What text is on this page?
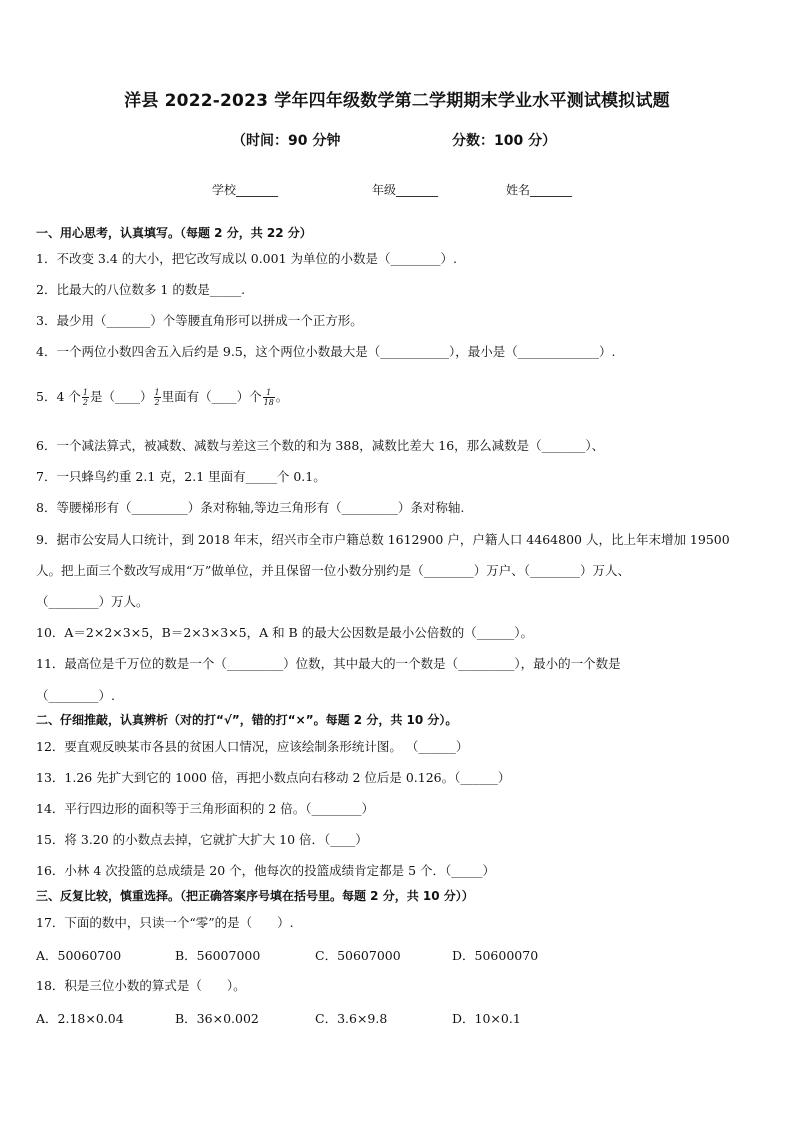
洋县 2022-2023 学年四年级数学第二学期期末学业水平测试模拟试题
（时间：90 分钟	分数：100 分）
学校_______	年级_______	姓名_______
一、用心思考，认真填写。（每题 2 分，共 22 分）
1．不改变 3.4 的大小，把它改写成以 0.001 为单位的小数是（________）.
2．比最大的八位数多 1 的数是_____.
3．最少用（_______）个等腰直角形可以拼成一个正方形。
4．一个两位小数四舍五入后约是 9.5，这个两位小数最大是（___________），最小是（_____________）.
5．4 个 $\frac{1}{2}$ 是（____） $\frac{1}{2}$ 里面有（____）个 $\frac{1}{18}$ 。
6．一个减法算式，被减数、减数与差这三个数的和为 388，减数比差大 16，那么减数是（_______）、
7．一只蜂鸟约重 2.1 克，2.1 里面有_____个 0.1。
8．等腰梯形有（_________）条对称轴,等边三角形有（_________）条对称轴.
9．据市公安局人口统计，到 2018 年末，绍兴市全市户籍总数 1612900 户，户籍人口 4464800 人，比上年末增加 19500
人。把上面三个数改写成用“万”做单位，并且保留一位小数分别约是（________）万户、（________）万人、
（________）万人。
10．A＝2×2×3×5，B＝2×3×3×5，A 和 B 的最大公因数是最小公倍数的（______）。
11．最高位是千万位的数是一个（_________）位数，其中最大的一个数是（_________），最小的一个数是
（________）.
二、仔细推敲，认真辨析（对的打“√”，错的打“×”。每题 2 分，共 10 分）。
12．要直观反映某市各县的贫困人口情况，应该绘制条形统计图。 （______）
13．1.26 先扩大到它的 1000 倍，再把小数点向右移动 2 位后是 0.126。（______）
14．平行四边形的面积等于三角形面积的 2 倍。（________）
15．将 3.20 的小数点去掉，它就扩大扩大 10 倍．（____）
16．小林 4 次投篮的总成绩是 20 个，他每次的投篮成绩肯定都是 5 个．（_____）
三、反复比较，慎重选择。（把正确答案序号填在括号里。每题 2 分，共 10 分））
17．下面的数中，只读一个“零”的是（　　）.
A．50060700	B．56007000	C．50607000	D．50600070
18．积是三位小数的算式是（　　）。
A．2.18×0.04	B．36×0.002	C．3.6×9.8	D．10×0.1
